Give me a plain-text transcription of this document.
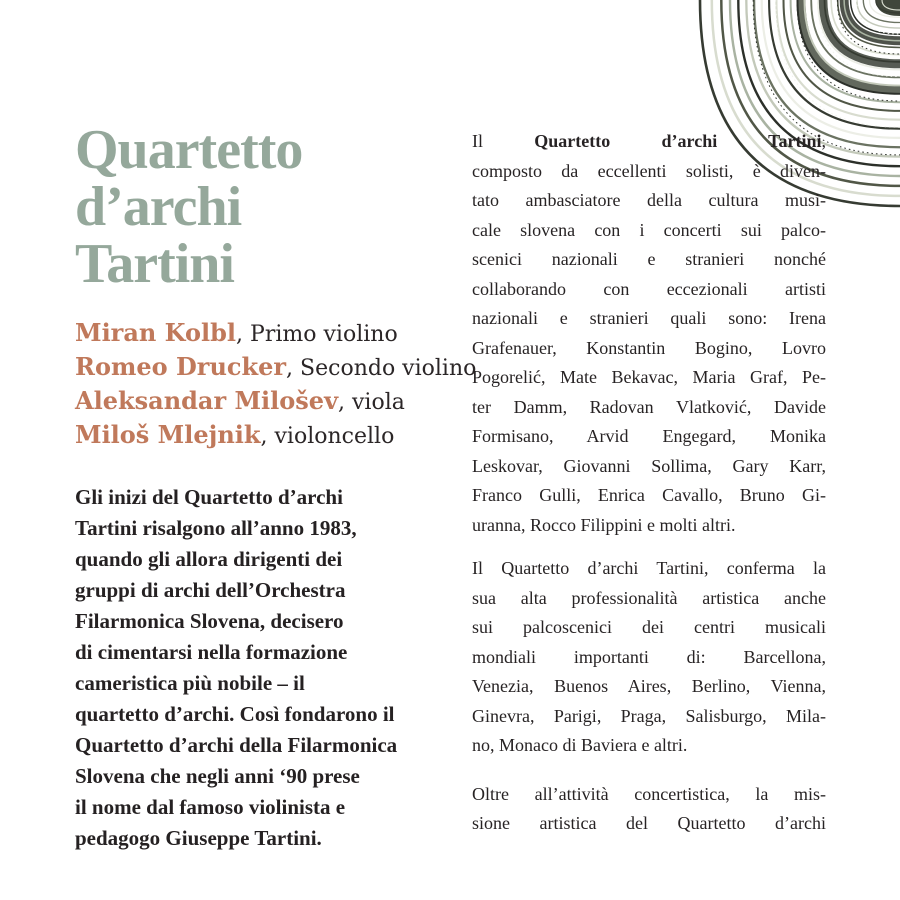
Quartetto
d’archi
Tartini
Miran Kolbl, Primo violino
Romeo Drucker, Secondo violino
Aleksandar Milošev, viola
Miloš Mlejnik, violoncello
Gli inizi del Quartetto d’archi
Tartini risalgono all’anno 1983,
quando gli allora dirigenti dei
gruppi di archi dell’Orchestra
Filarmonica Slovena, decisero
di cimentarsi nella formazione
cameristica più nobile – il
quartetto d’archi. Così fondarono il
Quartetto d’archi della Filarmonica
Slovena che negli anni ‘90 prese
il nome dal famoso violinista e
pedagogo Giuseppe Tartini.
Il Quartetto d’archi Tartini,
composto da eccellenti solisti, è diven-
tato ambasciatore della cultura musi-
cale slovena con i concerti sui palco-
scenici nazionali e stranieri nonché
collaborando con eccezionali artisti
nazionali e stranieri quali sono: Irena
Grafenauer, Konstantin Bogino, Lovro
Pogorelić, Mate Bekavac, Maria Graf, Pe-
ter Damm, Radovan Vlatković, Davide
Formisano, Arvid Engegard, Monika
Leskovar, Giovanni Sollima, Gary Karr,
Franco Gulli, Enrica Cavallo, Bruno Gi-
uranna, Rocco Filippini e molti altri.
Il Quartetto d’archi Tartini, conferma la
sua alta professionalità artistica anche
sui palcoscenici dei centri musicali
mondiali importanti di: Barcellona,
Venezia, Buenos Aires, Berlino, Vienna,
Ginevra, Parigi, Praga, Salisburgo, Mila-
no, Monaco di Baviera e altri.
Oltre all’attività concertistica, la mis-
sione artistica del Quartetto d’archi
